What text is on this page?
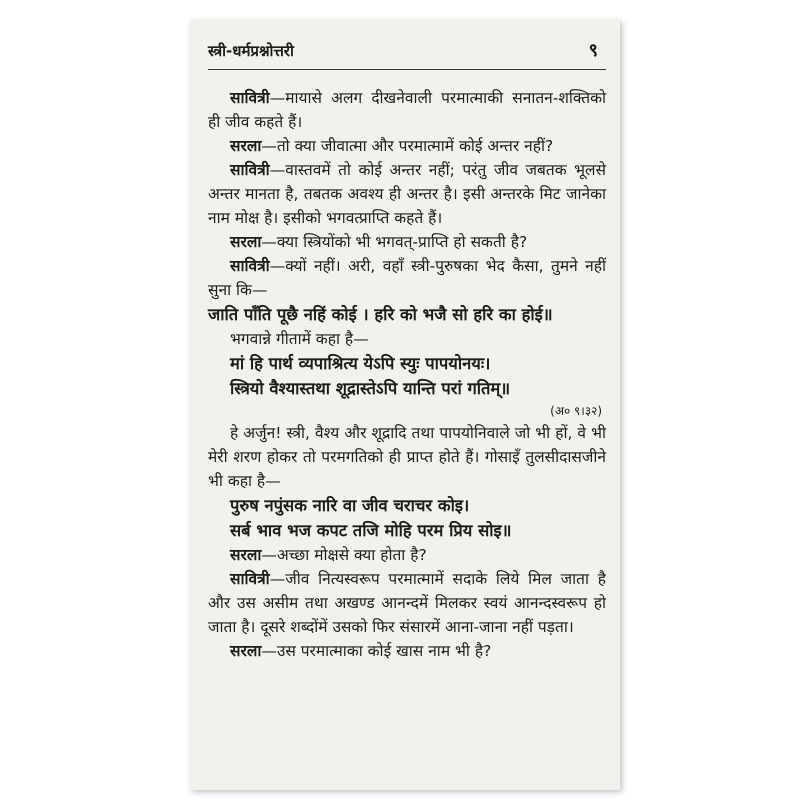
स्त्री-धर्मप्रश्नोत्तरी	९

सावित्री—मायासे अलग दीखनेवाली परमात्माकी सनातन-शक्तिको ही जीव कहते हैं।

सरला—तो क्या जीवात्मा और परमात्मामें कोई अन्तर नहीं?

सावित्री—वास्तवमें तो कोई अन्तर नहीं; परंतु जीव जबतक भूलसे अन्तर मानता है, तबतक अवश्य ही अन्तर है। इसी अन्तरके मिट जानेका नाम मोक्ष है। इसीको भगवत्प्राप्ति कहते हैं।

सरला—क्या स्त्रियोंको भी भगवत्-प्राप्ति हो सकती है?

सावित्री—क्यों नहीं। अरी, वहाँ स्त्री-पुरुषका भेद कैसा, तुमने नहीं सुना कि—

जाति पाँति पूछै नहिं कोई । हरि को भजै सो हरि का होई॥

भगवान्ने गीतामें कहा है—

मां हि पार्थ व्यपाश्रित्य येऽपि स्युः पापयोनयः।

स्त्रियो वैश्यास्तथा शूद्रास्तेऽपि यान्ति परां गतिम्॥

(अ० ९।३२)

हे अर्जुन! स्त्री, वैश्य और शूद्रादि तथा पापयोनिवाले जो भी हों, वे भी मेरी शरण होकर तो परमगतिको ही प्राप्त होते हैं। गोसाइँ तुलसीदासजीने भी कहा है—

पुरुष नपुंसक नारि वा जीव चराचर कोइ।

सर्ब भाव भज कपट तजि मोहि परम प्रिय सोइ॥

सरला—अच्छा मोक्षसे क्या होता है?

सावित्री—जीव नित्यस्वरूप परमात्मामें सदाके लिये मिल जाता है और उस असीम तथा अखण्ड आनन्दमें मिलकर स्वयं आनन्दस्वरूप हो जाता है। दूसरे शब्दोंमें उसको फिर संसारमें आना-जाना नहीं पड़ता।

सरला—उस परमात्माका कोई खास नाम भी है?
